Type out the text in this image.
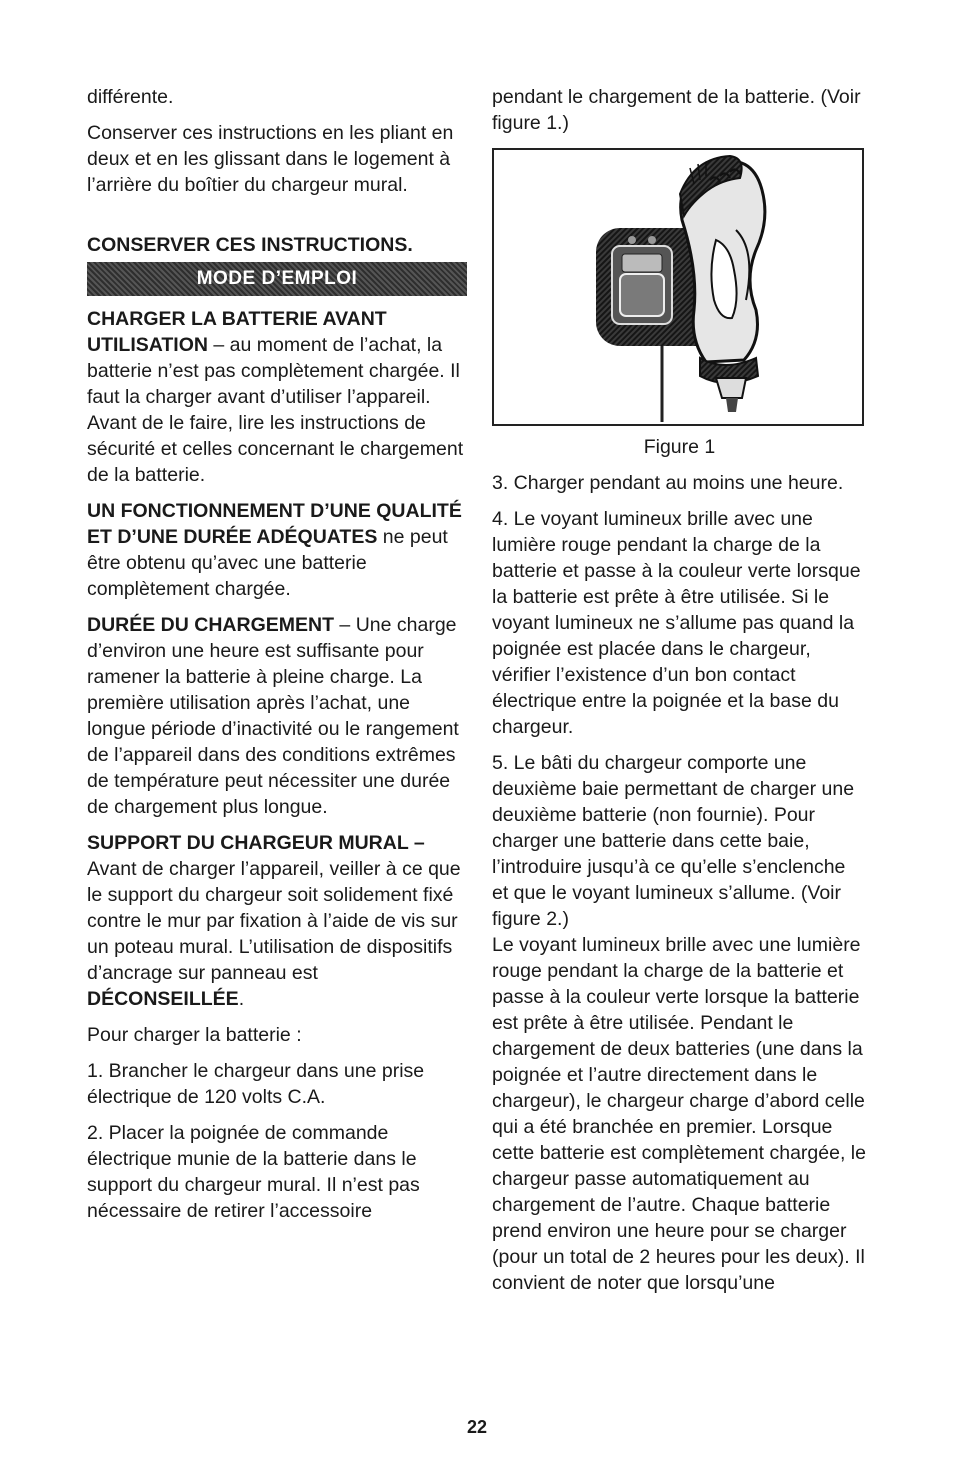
différente.

Conserver ces instructions en les pliant en deux et en les glissant dans le logement à l’arrière du boîtier du chargeur mural.

CONSERVER CES INSTRUCTIONS.

MODE D’EMPLOI

CHARGER LA BATTERIE AVANT
UTILISATION – au moment de l’achat, la batterie n’est pas complètement chargée. Il faut la charger avant d’utiliser l’appareil. Avant de le faire, lire les instructions de sécurité et celles concernant le chargement de la batterie.

UN FONCTIONNEMENT D’UNE QUALITÉ ET D’UNE DURÉE ADÉQUATES ne peut être obtenu qu’avec une batterie complètement chargée.

DURÉE DU CHARGEMENT – Une charge d’environ une heure est suffisante pour ramener la batterie à pleine charge. La première utilisation après l’achat, une longue période d’inactivité ou le rangement de l’appareil dans des conditions extrêmes de température peut nécessiter une durée de chargement plus longue.

SUPPORT DU CHARGEUR MURAL – Avant de charger l’appareil, veiller à ce que le support du chargeur soit solidement fixé contre le mur par fixation à l’aide de vis sur un poteau mural. L’utilisation de dispositifs d’ancrage sur panneau est DÉCONSEILLÉE.

Pour charger la batterie :

1. Brancher le chargeur dans une prise électrique de 120 volts C.A.

2. Placer la poignée de commande électrique munie de la batterie dans le support du chargeur mural. Il n’est pas nécessaire de retirer l’accessoire

pendant le chargement de la batterie. (Voir figure 1.)

Figure 1

3. Charger pendant au moins une heure.

4. Le voyant lumineux brille avec une lumière rouge pendant la charge de la batterie et passe à la couleur verte lorsque la batterie est prête à être utilisée. Si le voyant lumineux ne s’allume pas quand la poignée est placée dans le chargeur, vérifier l’existence d’un bon contact électrique entre la poignée et la base du chargeur.

5. Le bâti du chargeur comporte une deuxième baie permettant de charger une deuxième batterie (non fournie). Pour charger une batterie dans cette baie, l’introduire jusqu’à ce qu’elle s’enclenche et que le voyant lumineux s’allume. (Voir figure 2.)

Le voyant lumineux brille avec une lumière rouge pendant la charge de la batterie et passe à la couleur verte lorsque la batterie est prête à être utilisée. Pendant le chargement de deux batteries (une dans la poignée et l’autre directement dans le chargeur), le chargeur charge d’abord celle qui a été branchée en premier. Lorsque cette batterie est complètement chargée, le chargeur passe automatiquement au chargement de l’autre. Chaque batterie prend environ une heure pour se charger (pour un total de 2 heures pour les deux). Il convient de noter que lorsqu’une

22
